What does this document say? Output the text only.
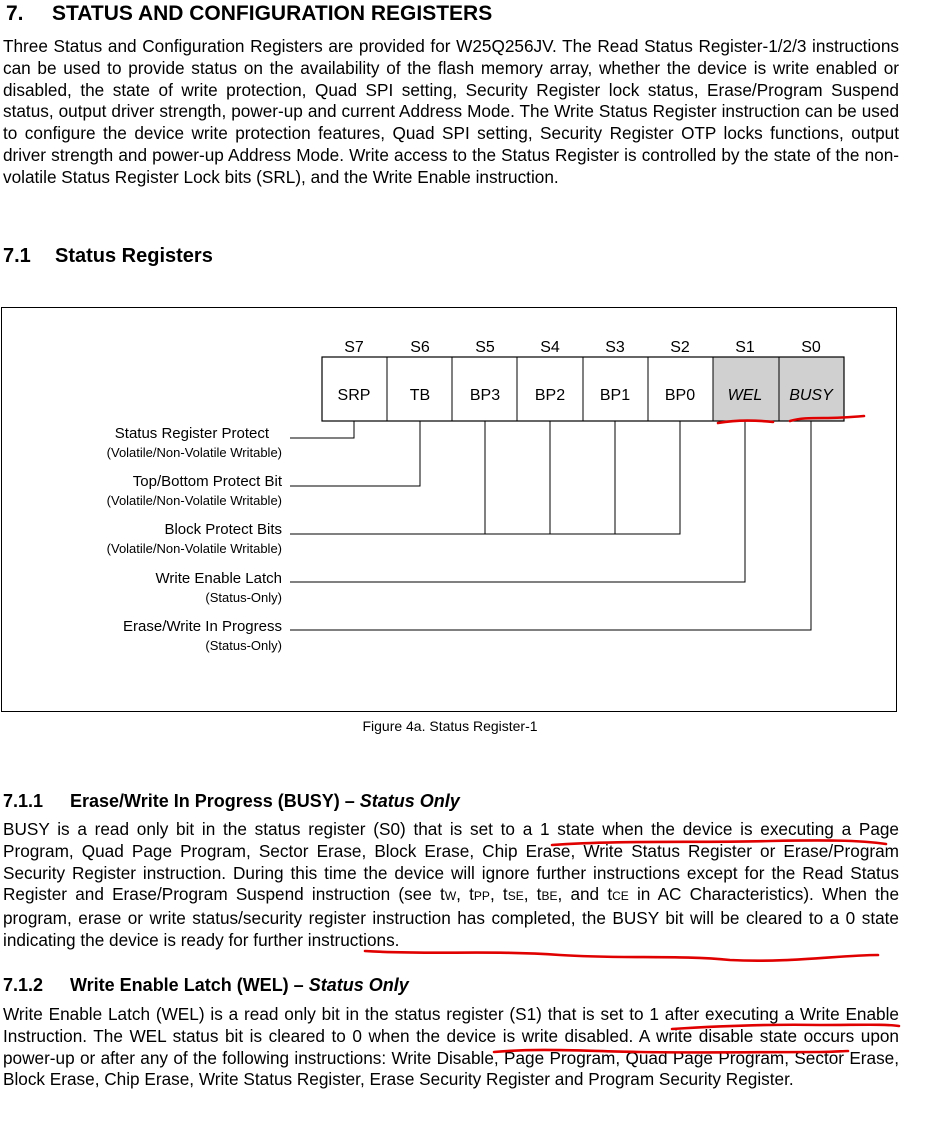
7. STATUS AND CONFIGURATION REGISTERS
Three Status and Configuration Registers are provided for W25Q256JV. The Read Status Register-1/2/3 instructions can be used to provide status on the availability of the flash memory array, whether the device is write enabled or disabled, the state of write protection, Quad SPI setting, Security Register lock status, Erase/Program Suspend status, output driver strength, power-up and current Address Mode. The Write Status Register instruction can be used to configure the device write protection features, Quad SPI setting, Security Register OTP locks functions, output driver strength and power-up Address Mode. Write access to the Status Register is controlled by the state of the non-volatile Status Register Lock bits (SRL), and the Write Enable instruction.
7.1 Status Registers
S7	S6	S5	S4	S3	S2	S1	S0
SRP TB BP3 BP2 BP1 BP0 WEL BUSY
Status Register Protect
(Volatile/Non-Volatile Writable)
Top/Bottom Protect Bit
(Volatile/Non-Volatile Writable)
Block Protect Bits
(Volatile/Non-Volatile Writable)
Write Enable Latch
(Status-Only)
Erase/Write In Progress
(Status-Only)
Figure 4a. Status Register-1
7.1.1 Erase/Write In Progress (BUSY) – Status Only
BUSY is a read only bit in the status register (S0) that is set to a 1 state when the device is executing a Page Program, Quad Page Program, Sector Erase, Block Erase, Chip Erase, Write Status Register or Erase/Program Security Register instruction. During this time the device will ignore further instructions except for the Read Status Register and Erase/Program Suspend instruction (see tW, tPP, tSE, tBE, and tCE in AC Characteristics). When the program, erase or write status/security register instruction has completed, the BUSY bit will be cleared to a 0 state indicating the device is ready for further instructions.
7.1.2 Write Enable Latch (WEL) – Status Only
Write Enable Latch (WEL) is a read only bit in the status register (S1) that is set to 1 after executing a Write Enable Instruction. The WEL status bit is cleared to 0 when the device is write disabled. A write disable state occurs upon power-up or after any of the following instructions: Write Disable, Page Program, Quad Page Program, Sector Erase, Block Erase, Chip Erase, Write Status Register, Erase Security Register and Program Security Register.
